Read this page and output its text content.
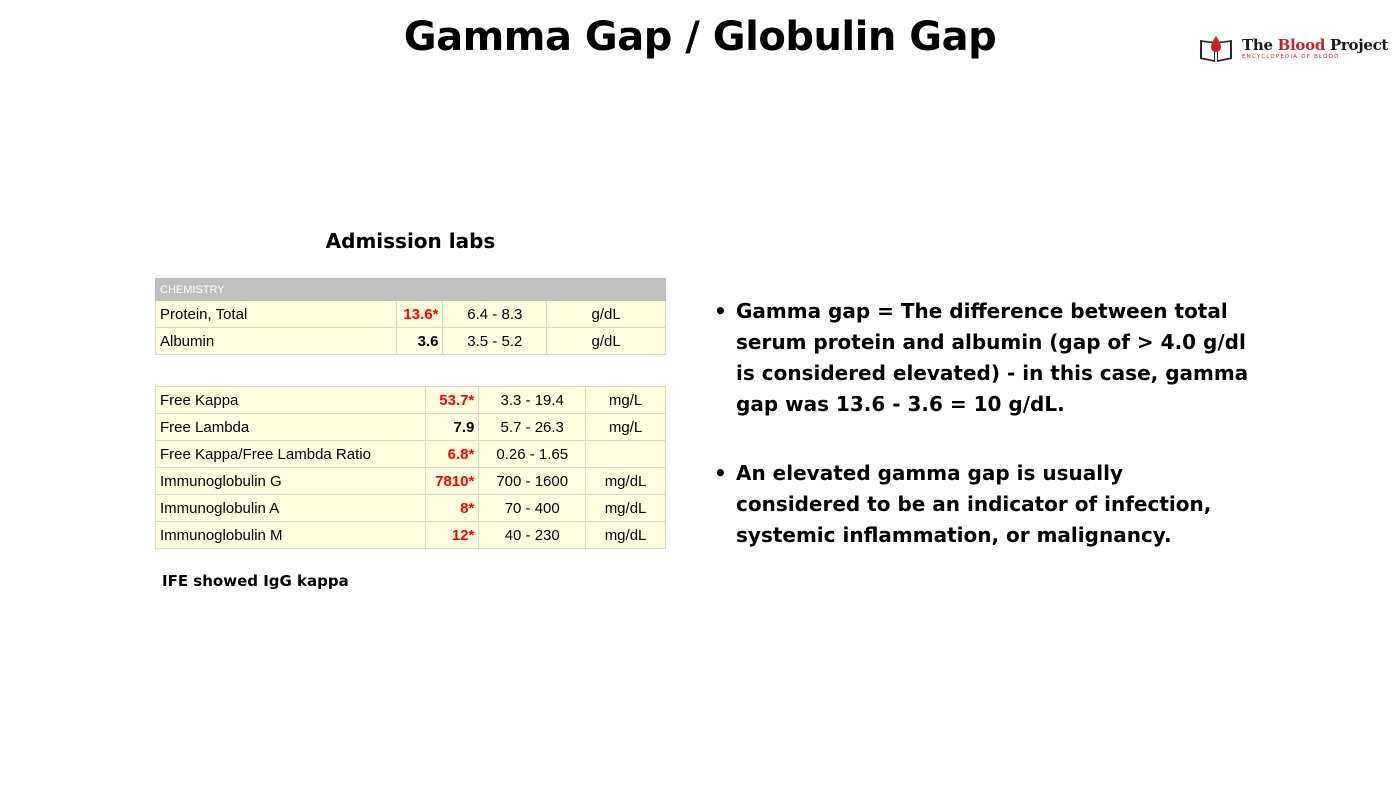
Gamma Gap / Globulin Gap	The Blood Project
ENCYCLOPEDIA OF BLOOD
Admission labs
CHEMISTRY			
Protein, Total	13.6*	6.4 - 8.3	g/dL
Albumin	3.6	3.5 - 5.2	g/dL
Free Kappa	53.7*	3.3 - 19.4	mg/L
Free Lambda	7.9	5.7 - 26.3	mg/L
Free Kappa/Free Lambda Ratio	6.8*	0.26 - 1.65	
Immunoglobulin G	7810*	700 - 1600	mg/dL
Immunoglobulin A	8*	70 - 400	mg/dL
Immunoglobulin M	12*	40 - 230	mg/dL

IFE showed IgG kappa

• Gamma gap = The difference between total serum protein and albumin (gap of > 4.0 g/dl is considered elevated) - in this case, gamma gap was 13.6 - 3.6 = 10 g/dL.
• An elevated gamma gap is usually considered to be an indicator of infection, systemic inflammation, or malignancy.
